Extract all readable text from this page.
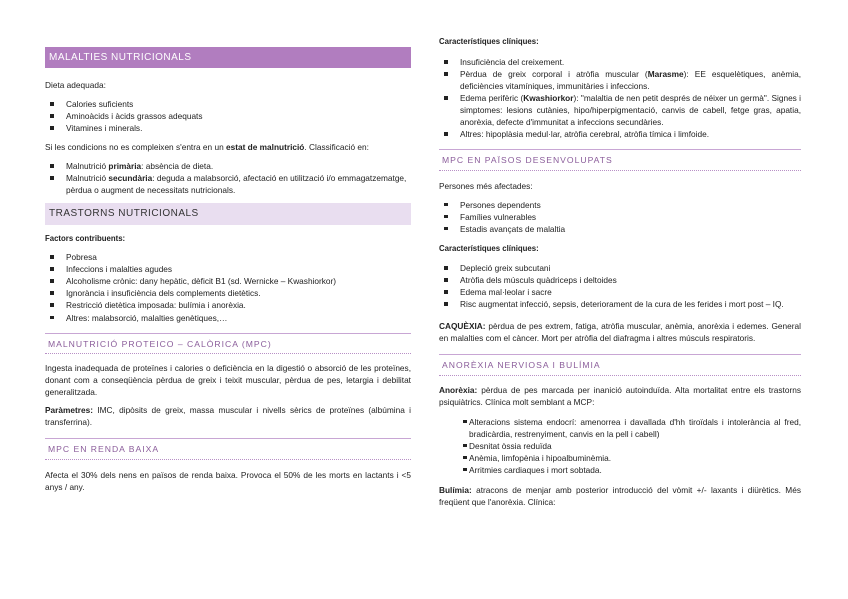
MALALTIES NUTRICIONALS

Dieta adequada:

Calories suficients
Aminoàcids i àcids grassos adequats
Vitamines i minerals.

Si les condicions no es compleixen s'entra en un estat de malnutrició. Classificació en:

Malnutrició primària: absència de dieta.
Malnutrició secundària: deguda a malabsorció, afectació en utilització i/o emmagatzematge, pèrdua o augment de necessitats nutricionals.
TRASTORNS NUTRICIONALS

Factors contribuents:

Pobresa
Infeccions i malalties agudes
Alcoholisme crònic: dany hepàtic, dèficit B1 (sd. Wernicke – Kwashiorkor)
Ignorància i insuficiència dels complements dietètics.
Restricció dietètica imposada: bulímia i anorèxia.
Altres: malabsorció, malalties genètiques,…
MALNUTRICIÓ PROTEICO – CALÒRICA (MPC)

Ingesta inadequada de proteïnes i calories o deficiència en la digestió o absorció de les proteïnes, donant com a conseqüència pèrdua de greix i teixit muscular, pèrdua de pes, letargia i debilitat generalitzada.

Paràmetres: IMC, dipòsits de greix, massa muscular i nivells sèrics de proteïnes (albúmina i transferrina).

MPC EN RENDA BAIXA

Afecta el 30% dels nens en països de renda baixa. Provoca el 50% de les morts en lactants i <5 anys / any.

Característiques clíniques:

Insuficiència del creixement.
Pèrdua de greix corporal i atròfia muscular (Marasme): EE esquelètiques, anèmia, deficiències vitamíniques, immunitàries i infeccions.
Edema perifèric (Kwashiorkor): "malaltia de nen petit després de néixer un germà". Signes i simptomes: lesions cutànies, hipo/hiperpigmentació, canvis de cabell, fetge gras, apatia, anorèxia, defecte d'immunitat a infeccions secundàries.
Altres: hipoplàsia medul·lar, atròfia cerebral, atròfia tímica i limfoide.
MPC EN PAÏSOS DESENVOLUPATS

Persones més afectades:

Persones dependents
Famílies vulnerables
Estadis avançats de malaltia

Característiques clíniques:

Depleció greix subcutani
Atròfia dels músculs quàdriceps i deltoides
Edema mal·leolar i sacre
Risc augmentat infecció, sepsis, deteriorament de la cura de les ferides i mort post – IQ.

CAQUÈXIA: pèrdua de pes extrem, fatiga, atròfia muscular, anèmia, anorèxia i edemes. General en malalties com el càncer. Mort per atròfia del diafragma i altres músculs respiratoris.

ANORÈXIA NERVIOSA I BULÍMIA

Anorèxia: pèrdua de pes marcada per inanició autoinduïda. Alta mortalitat entre els trastorns psiquiàtrics. Clínica molt semblant a MCP:

Alteracions sistema endocrí: amenorrea i davallada d'hh tiroïdals i intolerància al fred, bradicàrdia, restrenyiment, canvis en la pell i cabell)
Desnitat òssia reduïda
Anèmia, limfopènia i hipoalbuminèmia.
Arritmies cardiaques i mort sobtada.

Bulímia: atracons de menjar amb posterior introducció del vòmit +/- laxants i diürètics. Més freqüent que l'anorèxia. Clínica:
